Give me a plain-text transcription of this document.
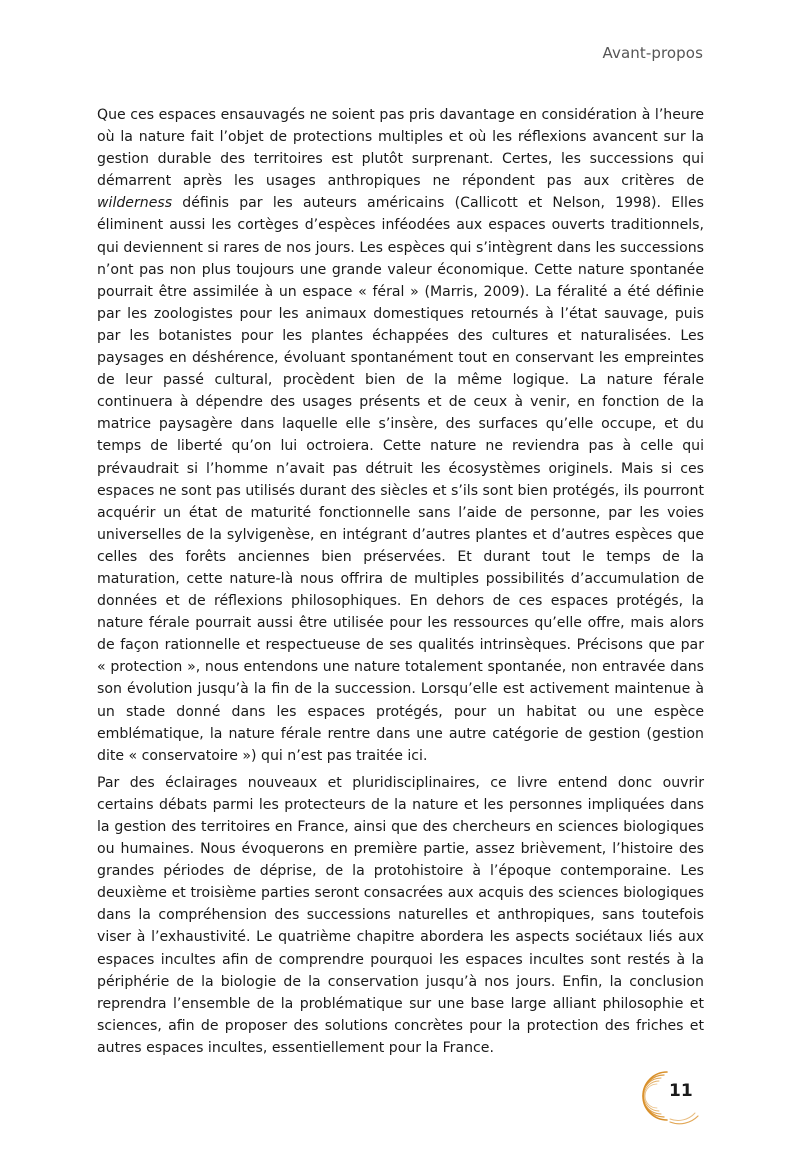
Avant-propos

Que ces espaces ensauvagés ne soient pas pris davantage en considération à l’heure où la nature fait l’objet de protections multiples et où les réflexions avancent sur la gestion durable des territoires est plutôt surprenant. Certes, les successions qui démarrent après les usages anthropiques ne répondent pas aux critères de wilderness définis par les auteurs américains (Callicott et Nelson, 1998). Elles éliminent aussi les cortèges d’espèces inféodées aux espaces ouverts traditionnels, qui deviennent si rares de nos jours. Les espèces qui s’intègrent dans les successions n’ont pas non plus toujours une grande valeur économique. Cette nature spontanée pourrait être assimilée à un espace « féral » (Marris, 2009). La féralité a été définie par les zoologistes pour les animaux domestiques retournés à l’état sauvage, puis par les botanistes pour les plantes échappées des cultures et naturalisées. Les paysages en déshérence, évoluant spontanément tout en conservant les empreintes de leur passé cultural, procèdent bien de la même logique. La nature férale continuera à dépendre des usages présents et de ceux à venir, en fonction de la matrice paysagère dans laquelle elle s’insère, des surfaces qu’elle occupe, et du temps de liberté qu’on lui octroiera. Cette nature ne reviendra pas à celle qui prévaudrait si l’homme n’avait pas détruit les écosystèmes originels. Mais si ces espaces ne sont pas utilisés durant des siècles et s’ils sont bien protégés, ils pourront acquérir un état de maturité fonctionnelle sans l’aide de personne, par les voies universelles de la sylvigenèse, en intégrant d’autres plantes et d’autres espèces que celles des forêts anciennes bien préservées. Et durant tout le temps de la maturation, cette nature-là nous offrira de multiples possibilités d’accumulation de données et de réflexions philosophiques. En dehors de ces espaces protégés, la nature férale pourrait aussi être utilisée pour les ressources qu’elle offre, mais alors de façon rationnelle et respectueuse de ses qualités intrinsèques. Précisons que par « protection », nous entendons une nature totalement spontanée, non entravée dans son évolution jusqu’à la fin de la succession. Lorsqu’elle est activement maintenue à un stade donné dans les espaces protégés, pour un habitat ou une espèce emblématique, la nature férale rentre dans une autre catégorie de gestion (gestion dite « conservatoire ») qui n’est pas traitée ici.

Par des éclairages nouveaux et pluridisciplinaires, ce livre entend donc ouvrir certains débats parmi les protecteurs de la nature et les personnes impliquées dans la gestion des territoires en France, ainsi que des chercheurs en sciences biologiques ou humaines. Nous évoquerons en première partie, assez brièvement, l’histoire des grandes périodes de déprise, de la protohistoire à l’époque contemporaine. Les deuxième et troisième parties seront consacrées aux acquis des sciences biologiques dans la compréhension des successions naturelles et anthropiques, sans toutefois viser à l’exhaustivité. Le quatrième chapitre abordera les aspects sociétaux liés aux espaces incultes afin de comprendre pourquoi les espaces incultes sont restés à la périphérie de la biologie de la conservation jusqu’à nos jours. Enfin, la conclusion reprendra l’ensemble de la problématique sur une base large alliant philosophie et sciences, afin de proposer des solutions concrètes pour la protection des friches et autres espaces incultes, essentiellement pour la France.

11
